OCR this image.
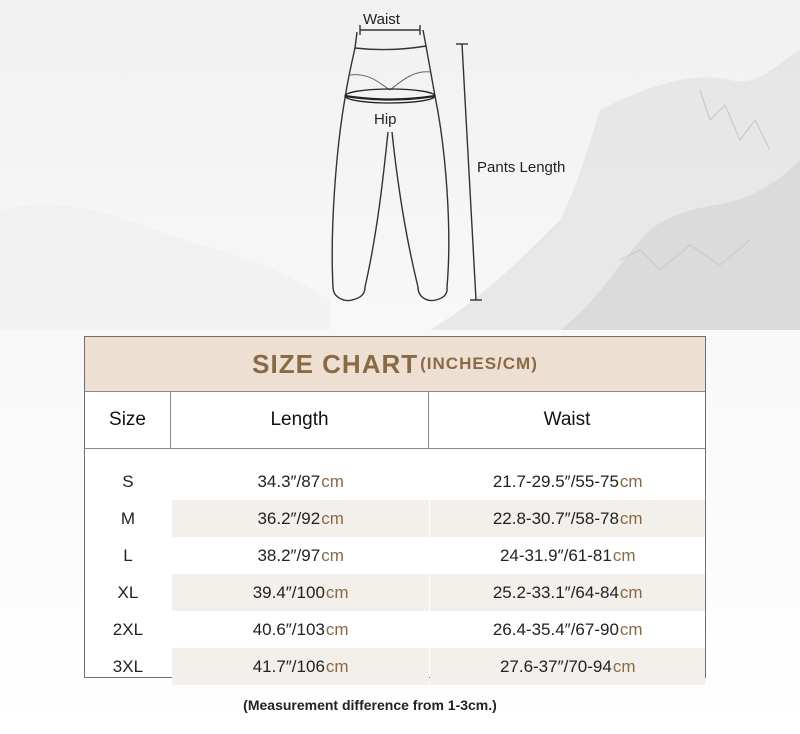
Waist
Hip
Pants Length
SIZE CHART (INCHES/CM)
Size	Length	Waist
S	34.3″/87 cm	21.7-29.5″/55-75 cm
M	36.2″/92 cm	22.8-30.7″/58-78 cm
L	38.2″/97 cm	24-31.9″/61-81 cm
XL	39.4″/100 cm	25.2-33.1″/64-84 cm
2XL	40.6″/103 cm	26.4-35.4″/67-90 cm
3XL	41.7″/106 cm	27.6-37″/70-94 cm
(Measurement difference from 1-3cm.)
